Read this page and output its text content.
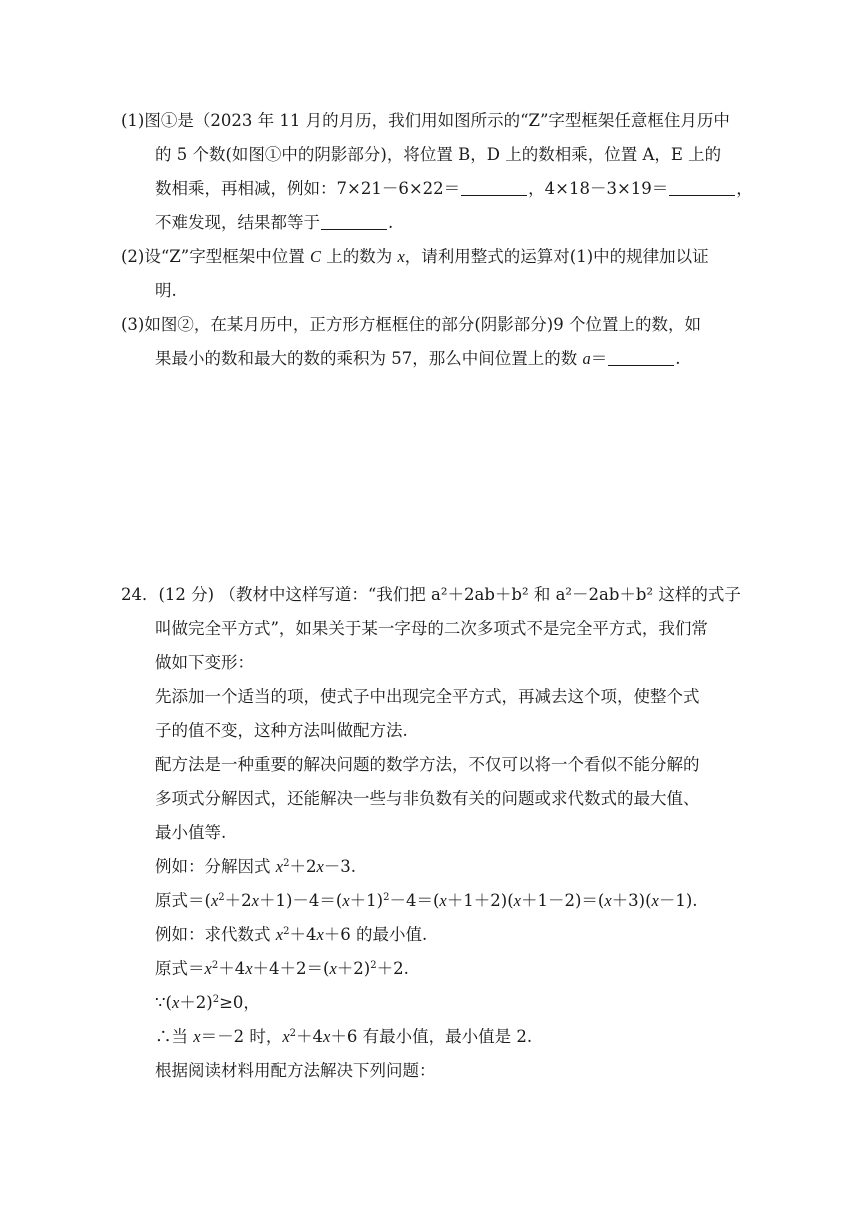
(1)图①是（2023 年 11 月的月历，我们用如图所示的“Z”字型框架任意框住月历中
的 5 个数(如图①中的阴影部分)，将位置 B，D 上的数相乘，位置 A，E 上的
数相乘，再相减，例如：7×21－6×22＝	，4×18－3×19＝	，
不难发现，结果都等于	.
(2)设“Z”字型框架中位置 C 上的数为 x，请利用整式的运算对(1)中的规律加以证
明.
(3)如图②，在某月历中，正方形方框框住的部分(阴影部分)9 个位置上的数，如
果最小的数和最大的数的乘积为 57，那么中间位置上的数 a＝	.
24．(12 分) （教材中这样写道：“我们把 a²＋2ab＋b² 和 a²－2ab＋b² 这样的式子
叫做完全平方式”，如果关于某一字母的二次多项式不是完全平方式，我们常
做如下变形：
先添加一个适当的项，使式子中出现完全平方式，再减去这个项，使整个式
子的值不变，这种方法叫做配方法.
配方法是一种重要的解决问题的数学方法，不仅可以将一个看似不能分解的
多项式分解因式，还能解决一些与非负数有关的问题或求代数式的最大值、
最小值等.
例如：分解因式 $x^2+2x-3$.
原式$=(x^2+2x+1)-4=(x+1)^2-4=(x+1+2)(x+1-2)=(x+3)(x-1)$.
例如：求代数式 $x^2+4x+6$ 的最小值.
原式$=x^2+4x+4+2=(x+2)^2+2$.
$\because(x+2)^2\ge 0$，
∴当 x＝－2 时，$x^2+4x+6$ 有最小值，最小值是 2.
根据阅读材料用配方法解决下列问题：
